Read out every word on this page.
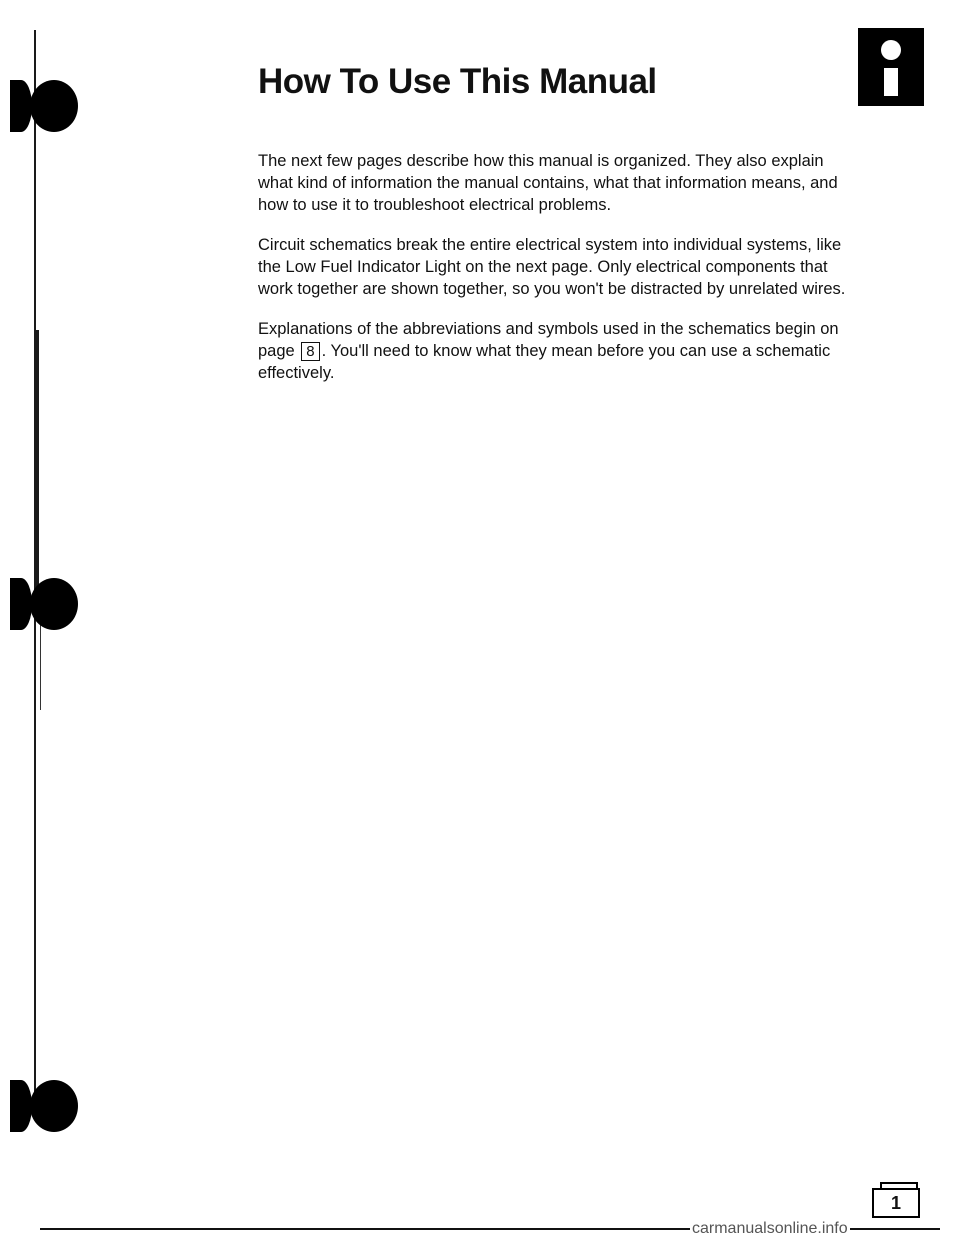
How To Use This Manual

The next few pages describe how this manual is organized. They also explain what kind of information the manual contains, what that information means, and how to use it to troubleshoot electrical problems.

Circuit schematics break the entire electrical system into individual systems, like the Low Fuel Indicator Light on the next page. Only electrical components that work together are shown together, so you won't be distracted by unrelated wires.

Explanations of the abbreviations and symbols used in the schematics begin on page 8 . You'll need to know what they mean before you can use a schematic effectively.

1
carmanualsonline.info
